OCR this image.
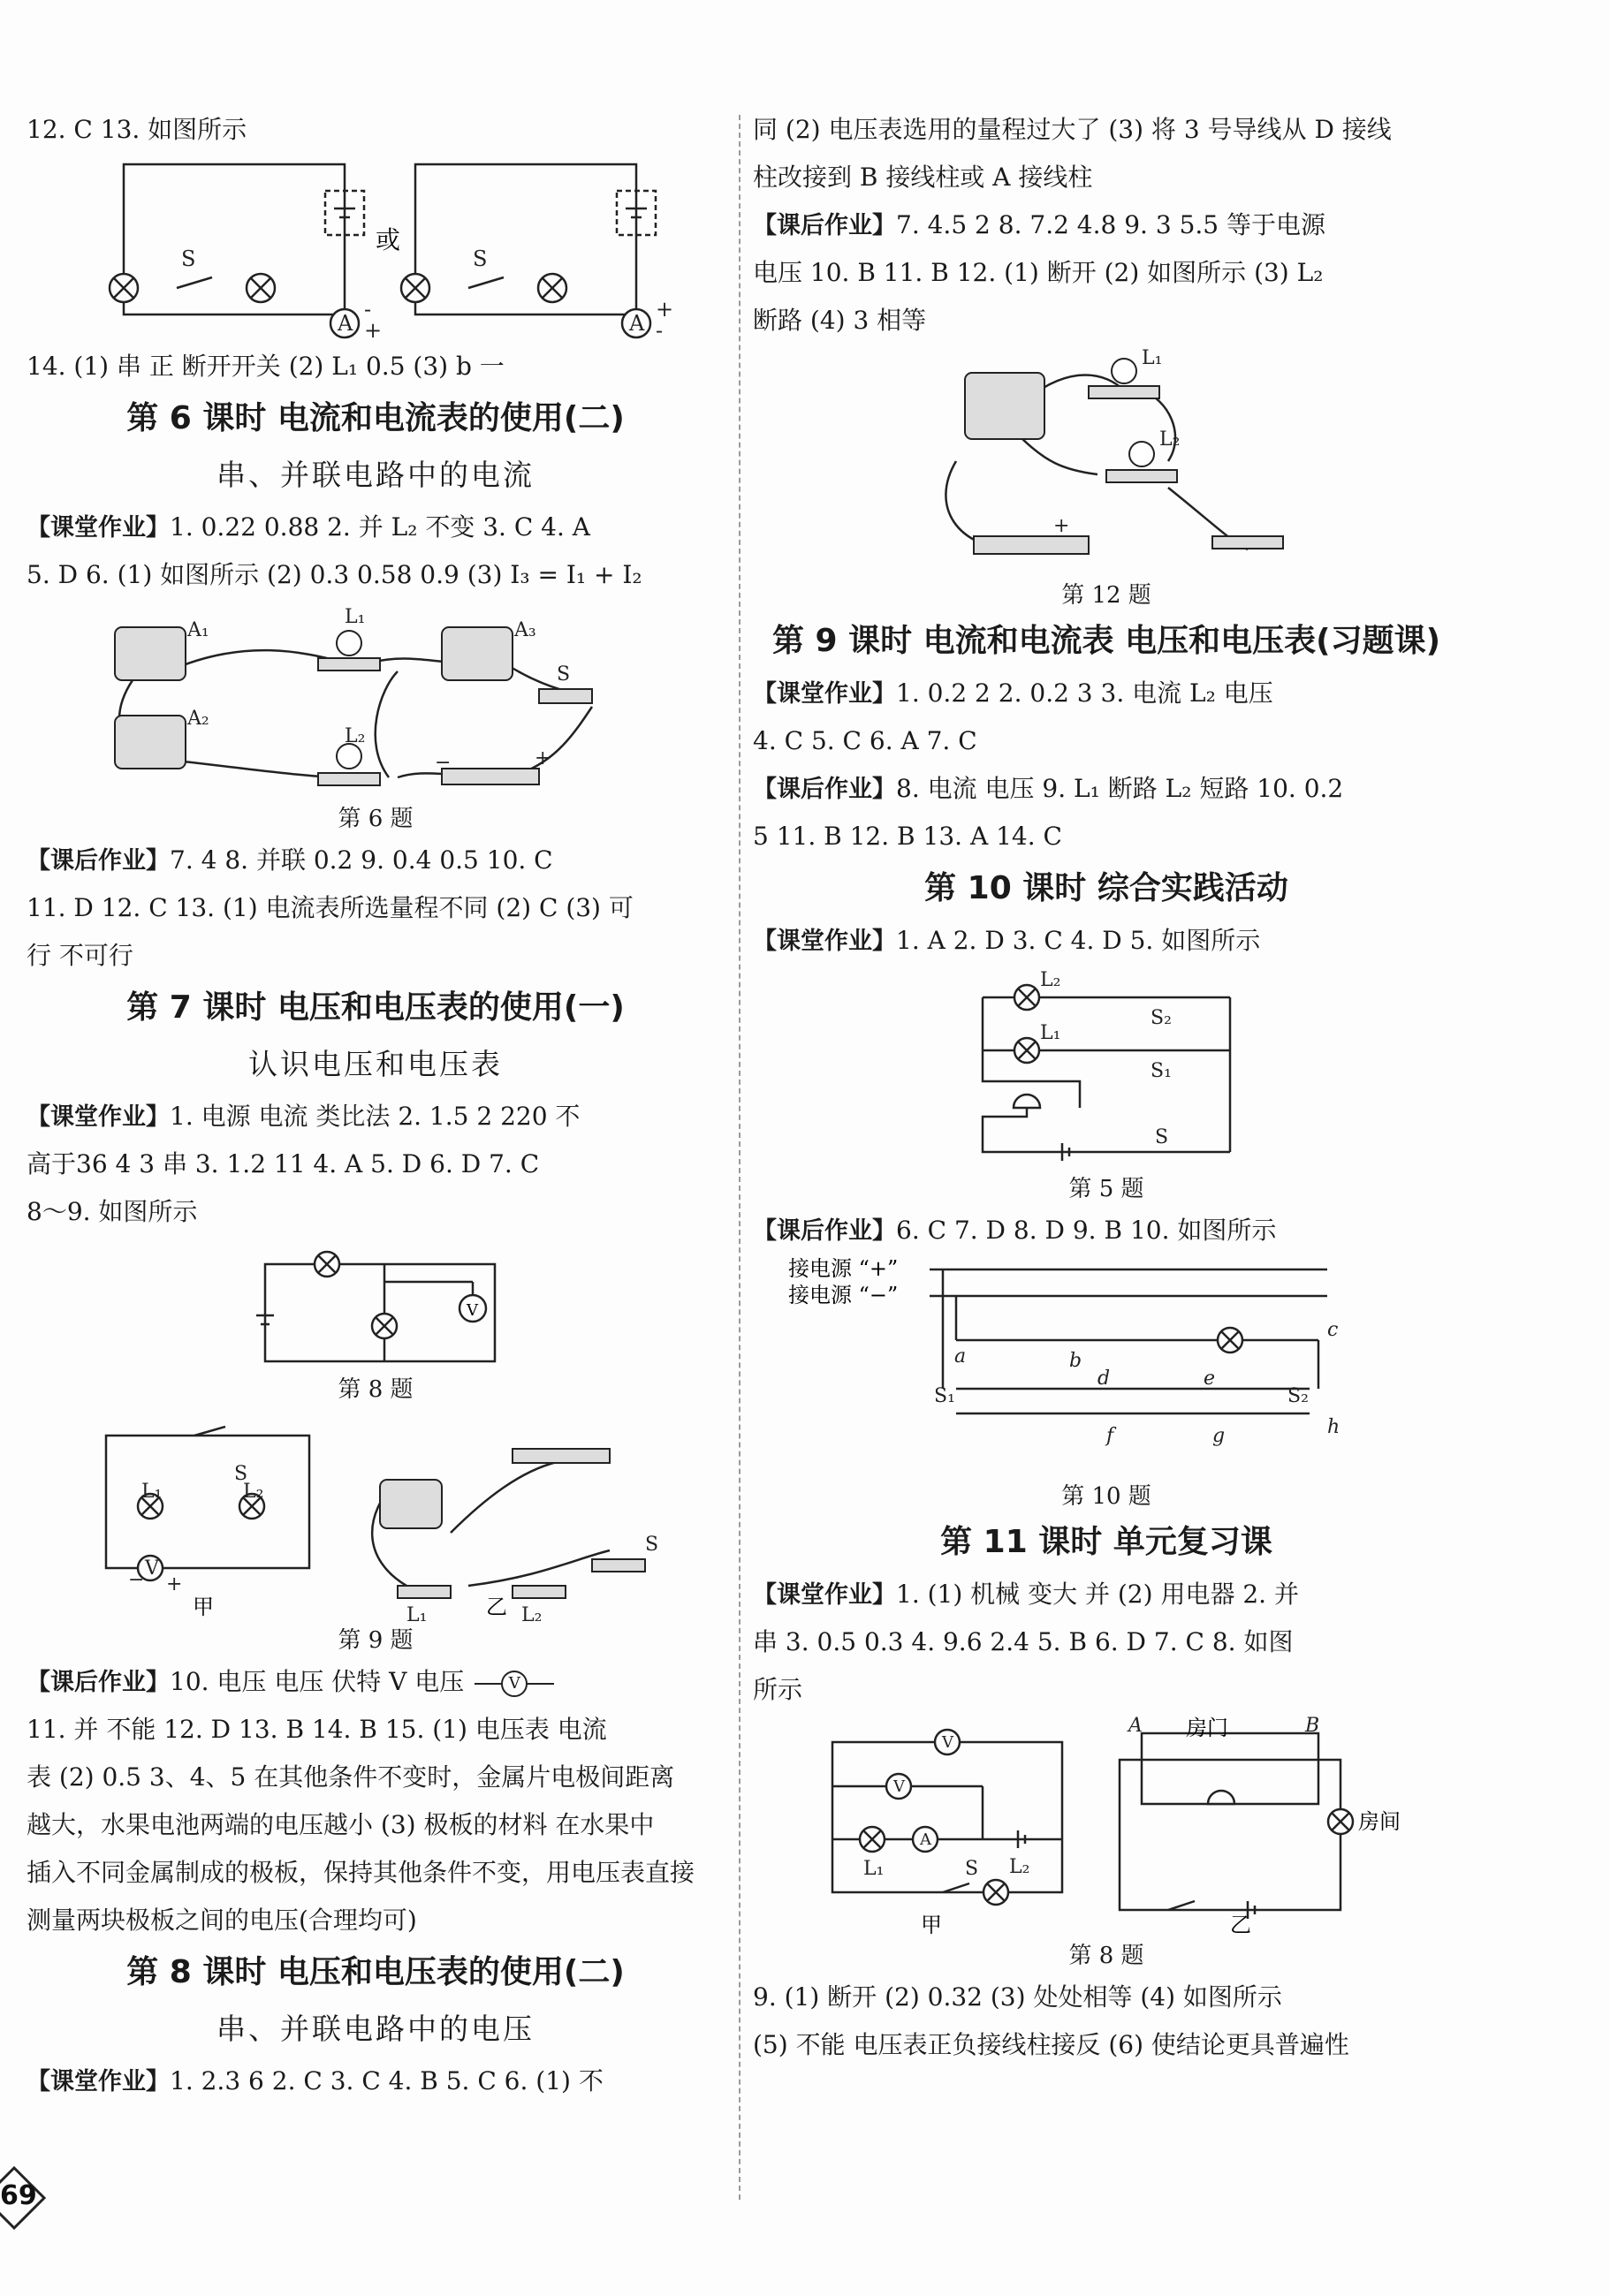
12. C 13. 如图所示
S	S
A	A
-
+
+
-
或
14. (1) 串 正 断开开关 (2) L₁ 0.5 (3) b 一
第 6 课时 电流和电流表的使用(二)
串、并联电路中的电流
【课堂作业】1. 0.22 0.88 2. 并 L₂ 不变 3. C 4. A
5. D 6. (1) 如图所示 (2) 0.3 0.58 0.9 (3) I₃ = I₁ + I₂
A₁
A₂
A₃
L₁
L₂
S
−	+
第 6 题
【课后作业】7. 4 8. 并联 0.2 9. 0.4 0.5 10. C
11. D 12. C 13. (1) 电流表所选量程不同 (2) C (3) 可
行 不可行
第 7 课时 电压和电压表的使用(一)
认识电压和电压表
【课堂作业】1. 电源 电流 类比法 2. 1.5 2 220 不
高于36 4 3 串 3. 1.2 11 4. A 5. D 6. D 7. C
8～9. 如图所示
V
第 8 题
L₁	L₂
S
V
− +
L₁	L₂
S
甲	乙
第 9 题
【课后作业】10. 电压 电压 伏特 V 电压	V
11. 并 不能 12. D 13. B 14. B 15. (1) 电压表 电流
表 (2) 0.5 3、4、5 在其他条件不变时，金属片电极间距离
越大，水果电池两端的电压越小 (3) 极板的材料 在水果中
插入不同金属制成的极板，保持其他条件不变，用电压表直接
测量两块极板之间的电压(合理均可)
第 8 课时 电压和电压表的使用(二)
串、并联电路中的电压
【课堂作业】1. 2.3 6 2. C 3. C 4. B 5. C 6. (1) 不
同 (2) 电压表选用的量程过大了 (3) 将 3 号导线从 D 接线
柱改接到 B 接线柱或 A 接线柱
【课后作业】7. 4.5 2 8. 7.2 4.8 9. 3 5.5 等于电源
电压 10. B 11. B 12. (1) 断开 (2) 如图所示 (3) L₂
断路 (4) 3 相等
L₁
L₂
+
第 12 题
第 9 课时 电流和电流表 电压和电压表(习题课)
【课堂作业】1. 0.2 2 2. 0.2 3 3. 电流 L₂ 电压
4. C 5. C 6. A 7. C
【课后作业】8. 电流 电压 9. L₁ 断路 L₂ 短路 10. 0.2
5 11. B 12. B 13. A 14. C
第 10 课时 综合实践活动
【课堂作业】1. A 2. D 3. C 4. D 5. 如图所示
L₂
L₁
S₂
S₁
S
第 5 题
【课后作业】6. C 7. D 8. D 9. B 10. 如图所示
a	b
c
d	e
f	g	h
S₁	S₂
接电源 “+”
接电源 “−”
第 10 题
第 11 课时 单元复习课
【课堂作业】1. (1) 机械 变大 并 (2) 用电器 2. 并
串 3. 0.5 0.3 4. 9.6 2.4 5. B 6. D 7. C 8. 如图
所示
V
V
A
L₁	S L₂
A	B
房门
房间
甲	乙
第 8 题
9. (1) 断开 (2) 0.32 (3) 处处相等 (4) 如图所示
(5) 不能 电压表正负接线柱接反 (6) 使结论更具普遍性
69
